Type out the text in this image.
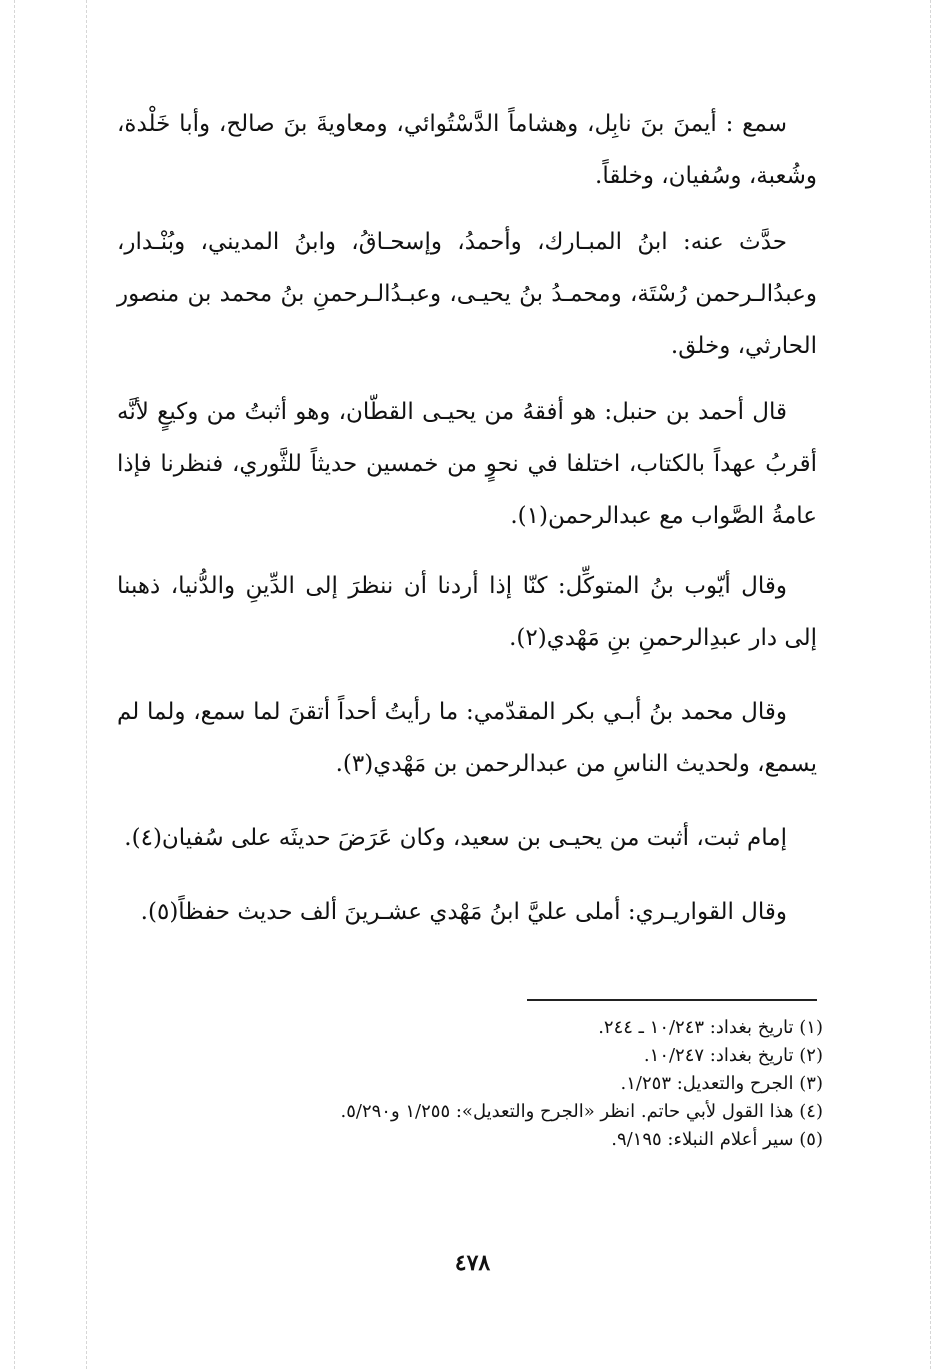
سمع : أيمنَ بنَ نابِل، وهشاماً الدَّسْتُوائي، ومعاويةَ بنَ صالح، وأبا خَلْدة، وشُعبة، وسُفيان، وخلقاً.

حدَّث عنه: ابنُ المبـارك، وأحمدُ، وإسحـاقُ، وابنُ المديني، وبُنْـدار، وعبدُالـرحمن رُسْتَة، ومحمـدُ بنُ يحيـى، وعبـدُالـرحمنِ بنُ محمد بن منصور الحارثي، وخلق.

قال أحمد بن حنبل: هو أفقهُ من يحيـى القطّان، وهو أثبتُ من وكيعٍ لأنَّه أقربُ عهداً بالكتاب، اختلفا في نحوٍ من خمسين حديثاً للثَّوري، فنظرنا فإذا عامةُ الصَّواب مع عبدالرحمن(١).

وقال أيّوب بنُ المتوكِّل: كنّا إذا أردنا أن ننظرَ إلى الدِّينِ والدُّنيا، ذهبنا إلى دار عبدِالرحمنِ بنِ مَهْدي(٢).

وقال محمد بنُ أبـي بكر المقدّمي: ما رأيتُ أحداً أتقنَ لما سمع، ولما لم يسمع، ولحديث الناسِ من عبدالرحمن بن مَهْدي(٣).

إمام ثبت، أثبت من يحيـى بن سعيد، وكان عَرَضَ حديثَه على سُفيان(٤).

وقال القواريـري: أملى عليَّ ابنُ مَهْدي عشـرينَ ألف حديث حفظاً(٥).

(١) تاريخ بغداد: ١٠/٢٤٣ ـ ٢٤٤.

(٢) تاريخ بغداد: ١٠/٢٤٧.

(٣) الجرح والتعديل: ١/٢٥٣.

(٤) هذا القول لأبي حاتم. انظر «الجرح والتعديل»: ١/٢٥٥ و٥/٢٩٠.

(٥) سير أعلام النبلاء: ٩/١٩٥.

٤٧٨
